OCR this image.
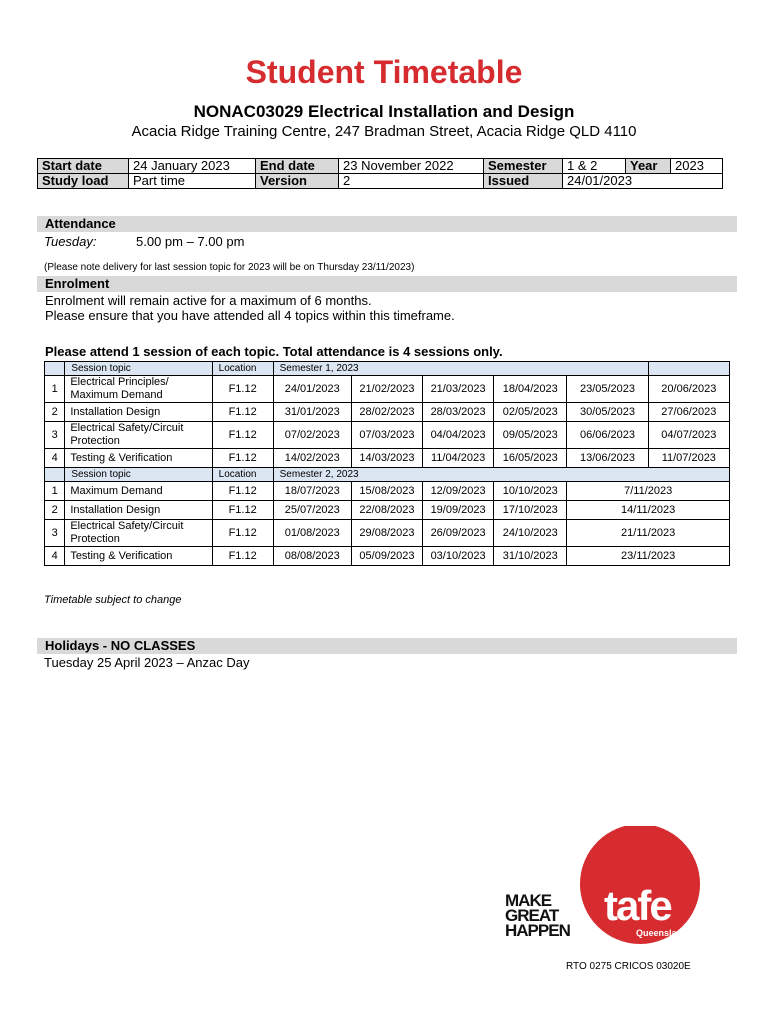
Student Timetable
NONAC03029 Electrical Installation and Design
Acacia Ridge Training Centre, 247 Bradman Street, Acacia Ridge QLD 4110
Start date	24 January 2023	End date	23 November 2022	Semester	1 & 2	Year	2023
Study load	Part time	Version	2	Issued	24/01/2023		
Attendance
Tuesday:	5.00 pm – 7.00 pm
(Please note delivery for last session topic for 2023 will be on Thursday 23/11/2023)
Enrolment
Enrolment will remain active for a maximum of 6 months.
Please ensure that you have attended all 4 topics within this timeframe.
Please attend 1 session of each topic. Total attendance is 4 sessions only.
	Session topic	Location	Semester 1, 2023					
1	Electrical Principles/ Maximum Demand	F1.12	24/01/2023	21/02/2023	21/03/2023	18/04/2023	23/05/2023	20/06/2023
2	Installation Design	F1.12	31/01/2023	28/02/2023	28/03/2023	02/05/2023	30/05/2023	27/06/2023
3	Electrical Safety/Circuit Protection	F1.12	07/02/2023	07/03/2023	04/04/2023	09/05/2023	06/06/2023	04/07/2023
4	Testing & Verification	F1.12	14/02/2023	14/03/2023	11/04/2023	16/05/2023	13/06/2023	11/07/2023
	Session topic	Location	Semester 2, 2023					
1	Maximum Demand	F1.12	18/07/2023	15/08/2023	12/09/2023	10/10/2023	7/11/2023	
2	Installation Design	F1.12	25/07/2023	22/08/2023	19/09/2023	17/10/2023	14/11/2023	
3	Electrical Safety/Circuit Protection	F1.12	01/08/2023	29/08/2023	26/09/2023	24/10/2023	21/11/2023	
4	Testing & Verification	F1.12	08/08/2023	05/09/2023	03/10/2023	31/10/2023	23/11/2023	
Timetable subject to change
Holidays - NO CLASSES
Tuesday 25 April 2023 – Anzac Day
MAKE
GREAT
HAPPEN
tafe
Queensland
RTO 0275 CRICOS 03020E
